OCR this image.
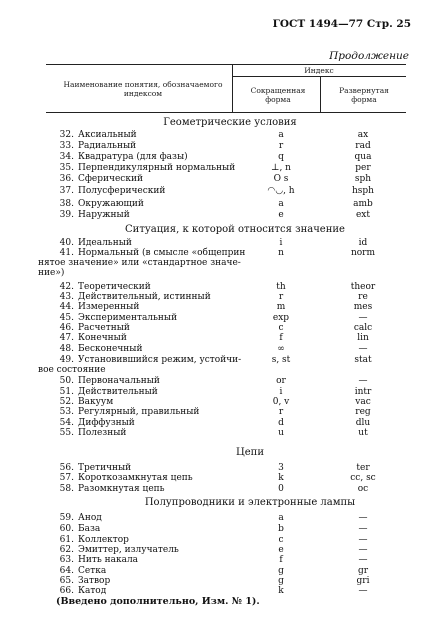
ГОСТ 1494—77 Стр. 25
Продолжение
Наименование понятия, обозначаемого индексом
Индекс
Сокращенная форма
Развернутая форма
Геометрические условия
32. Аксиальный	a	ax
33. Радиальный	r	rad
34. Квадратура (для фазы)	q	qua
35. Перпендикулярный нормальный	⊥, n	per
36. Сферический	O s	sph
37. Полусферический	◠◡, h	hsph
38. Окружающий	a	amb
39. Наружный	e	ext
Ситуация, к которой относится значение
40. Идеальный	i	id
41. Нормальный (в смысле «общеприн
нятое значение» или «стандартное значе-
ние»)
n	norm
42. Теоретический	th	theor
43. Действительный, истинный	r	re
44. Измеренный	m	mes
45. Экспериментальный	exp	—
46. Расчетный	c	calc
47. Конечный	f	lin
48. Бесконечный	∞	—
49. Установившийся режим, устойчи-
вое состояние
s, st	stat
50. Первоначальный	or	—
51. Действительный	i	intr
52. Вакуум	0, v	vac
53. Регулярный, правильный	r	reg
54. Диффузный	d	dlu
55. Полезный	u	ut
Цепи
56. Третичный	3	ter
57. Короткозамкнутая цепь	k	cc, sc
58. Разомкнутая цепь	0	oc
Полупроводники и электронные лампы
59. Анод	a	—
60. База	b	—
61. Коллектор	c	—
62. Эмиттер, излучатель	e	—
63. Нить накала	f	—
64. Сетка	g	gr
65. Затвор	g	gri
66. Катод	k	—
(Введено дополнительно, Изм. № 1).
